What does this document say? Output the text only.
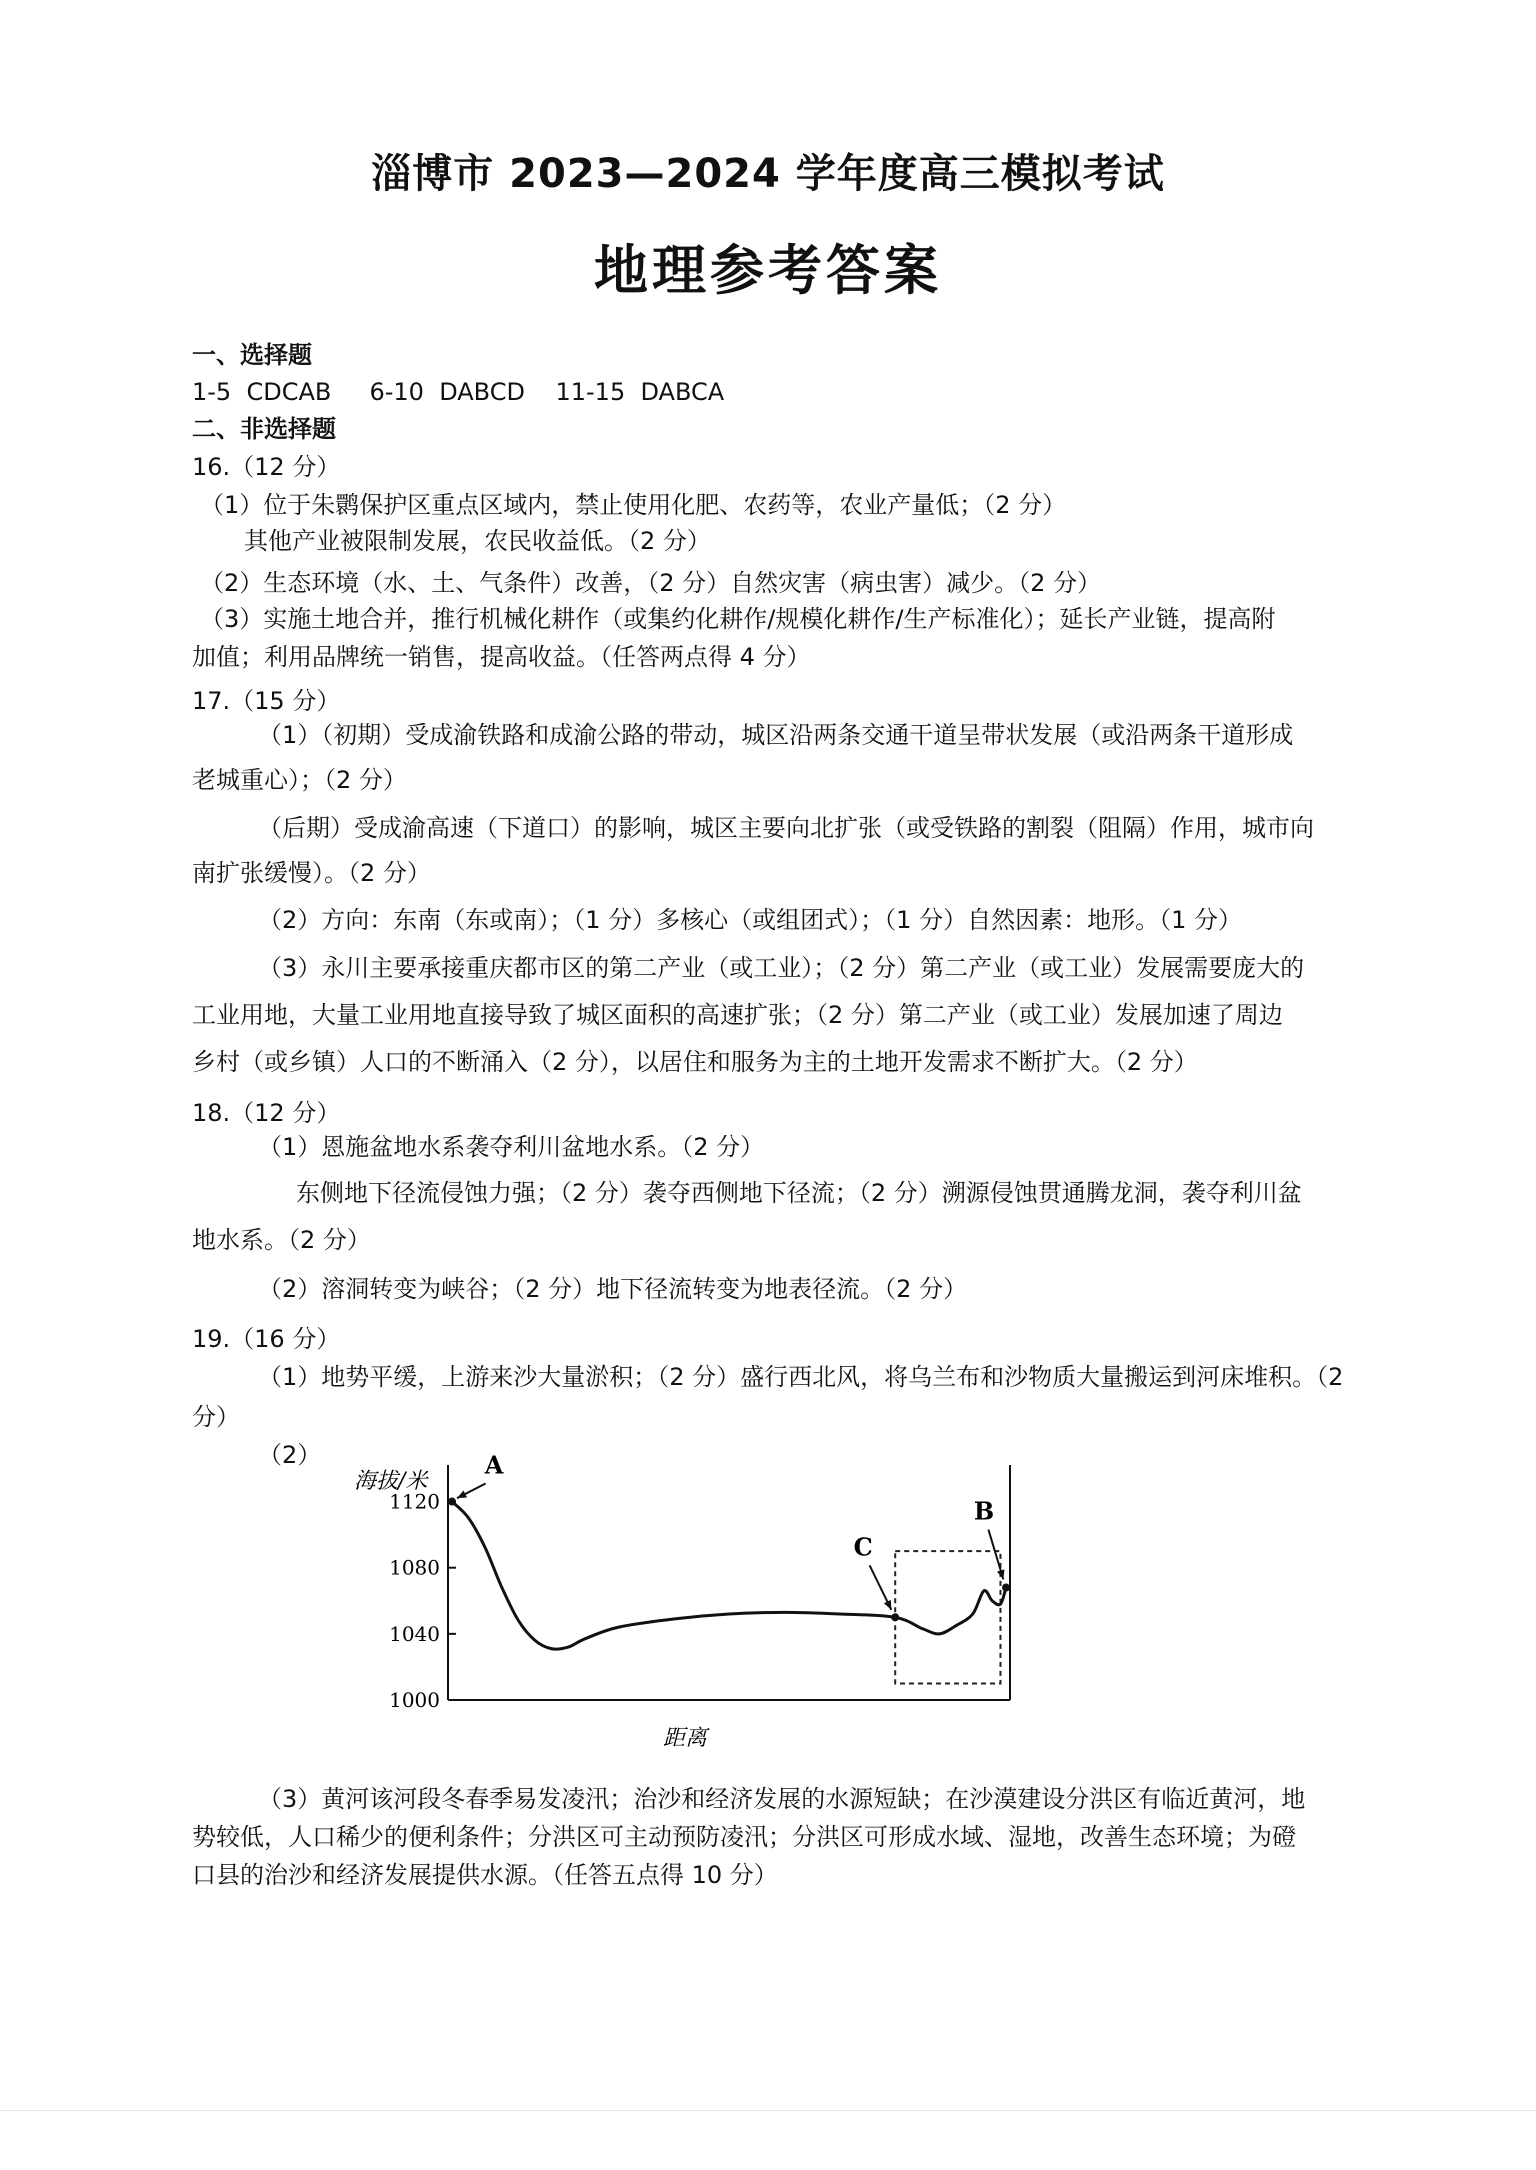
淄博市 2023—2024 学年度高三模拟考试
地理参考答案
一、选择题
1-5  CDCAB     6-10  DABCD    11-15  DABCA
二、非选择题
16.（12 分）
（1）位于朱鹮保护区重点区域内，禁止使用化肥、农药等，农业产量低；（2 分）
其他产业被限制发展，农民收益低。（2 分）
（2）生态环境（水、土、气条件）改善，（2 分）自然灾害（病虫害）减少。（2 分）
（3）实施土地合并，推行机械化耕作（或集约化耕作/规模化耕作/生产标准化）；延长产业链，提高附
加值；利用品牌统一销售，提高收益。（任答两点得 4 分）
17.（15 分）
（1）（初期）受成渝铁路和成渝公路的带动，城区沿两条交通干道呈带状发展（或沿两条干道形成
老城重心）；（2 分）
（后期）受成渝高速（下道口）的影响，城区主要向北扩张（或受铁路的割裂（阻隔）作用，城市向
南扩张缓慢）。（2 分）
（2）方向：东南（东或南）；（1 分）多核心（或组团式）；（1 分）自然因素：地形。（1 分）
（3）永川主要承接重庆都市区的第二产业（或工业）；（2 分）第二产业（或工业）发展需要庞大的
工业用地，大量工业用地直接导致了城区面积的高速扩张；（2 分）第二产业（或工业）发展加速了周边
乡村（或乡镇）人口的不断涌入（2 分），以居住和服务为主的土地开发需求不断扩大。（2 分）
18.（12 分）
（1）恩施盆地水系袭夺利川盆地水系。（2 分）
东侧地下径流侵蚀力强；（2 分）袭夺西侧地下径流；（2 分）溯源侵蚀贯通腾龙洞，袭夺利川盆
地水系。（2 分）
（2）溶洞转变为峡谷；（2 分）地下径流转变为地表径流。（2 分）
19.（16 分）
（1）地势平缓，上游来沙大量淤积；（2 分）盛行西北风，将乌兰布和沙物质大量搬运到河床堆积。（2
分）
（2）
海拔/米
距离
1000
1040
1080
1120
A
C
B
（3）黄河该河段冬春季易发凌汛；治沙和经济发展的水源短缺；在沙漠建设分洪区有临近黄河，地
势较低，人口稀少的便利条件；分洪区可主动预防凌汛；分洪区可形成水域、湿地，改善生态环境；为磴
口县的治沙和经济发展提供水源。（任答五点得 10 分）
